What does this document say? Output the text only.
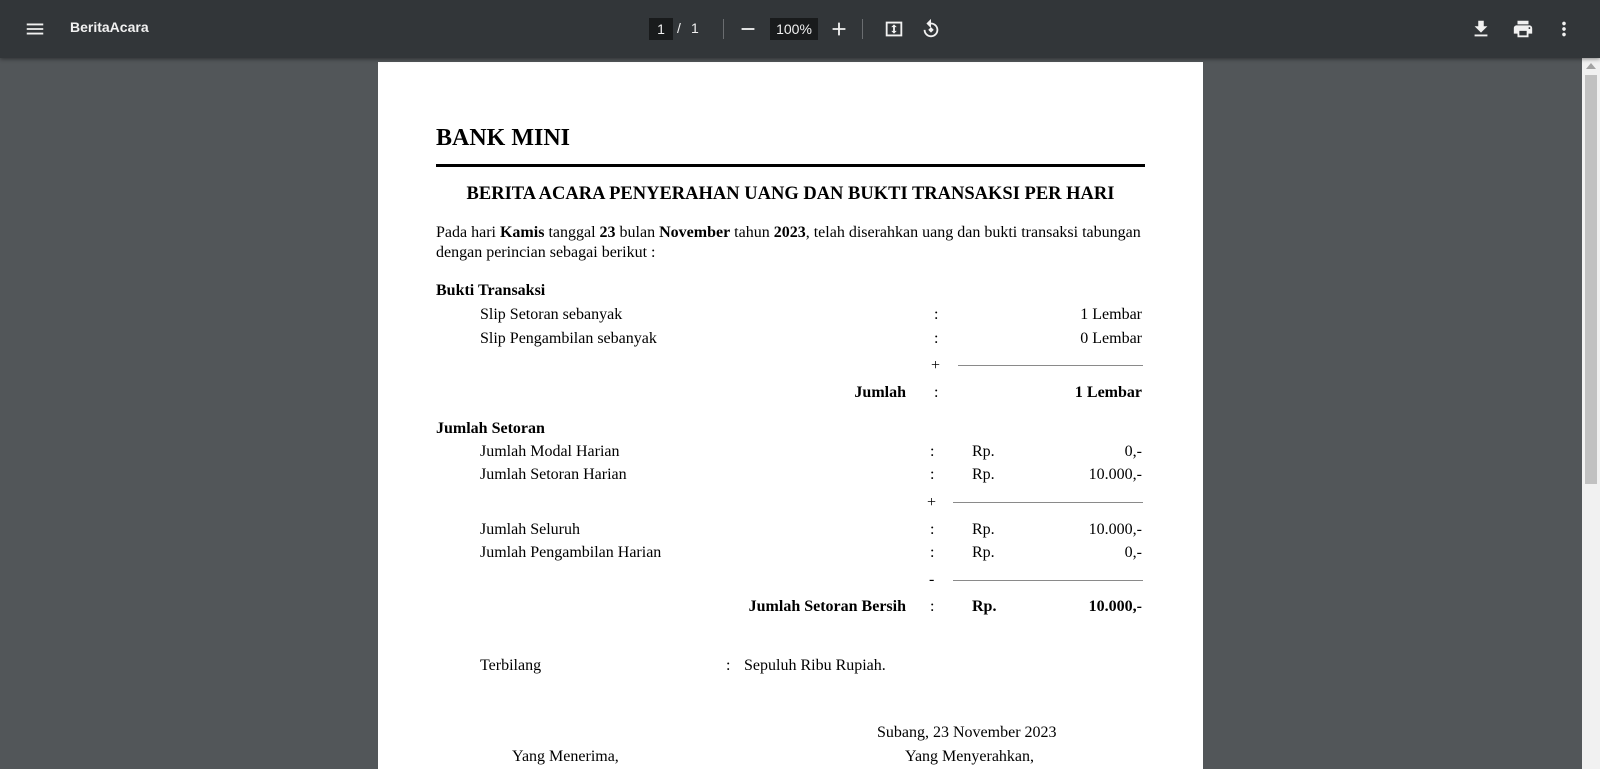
BeritaAcara	1 / 1	100%
BANK MINI
BERITA ACARA PENYERAHAN UANG DAN BUKTI TRANSAKSI PER HARI
Pada hari Kamis tanggal 23 bulan November tahun 2023, telah diserahkan uang dan bukti transaksi tabungan dengan perincian sebagai berikut :
Bukti Transaksi
Slip Setoran sebanyak	:	1 Lembar
Slip Pengambilan sebanyak	:	0 Lembar
+
Jumlah :	1 Lembar
Jumlah Setoran
Jumlah Modal Harian	: Rp.	0,-
Jumlah Setoran Harian	: Rp.	10.000,-
+
Jumlah Seluruh	: Rp.	10.000,-
Jumlah Pengambilan Harian	: Rp.	0,-
-
Jumlah Setoran Bersih : Rp.	10.000,-
Terbilang	: Sepuluh Ribu Rupiah.
Subang, 23 November 2023
Yang Menerima,	Yang Menyerahkan,
